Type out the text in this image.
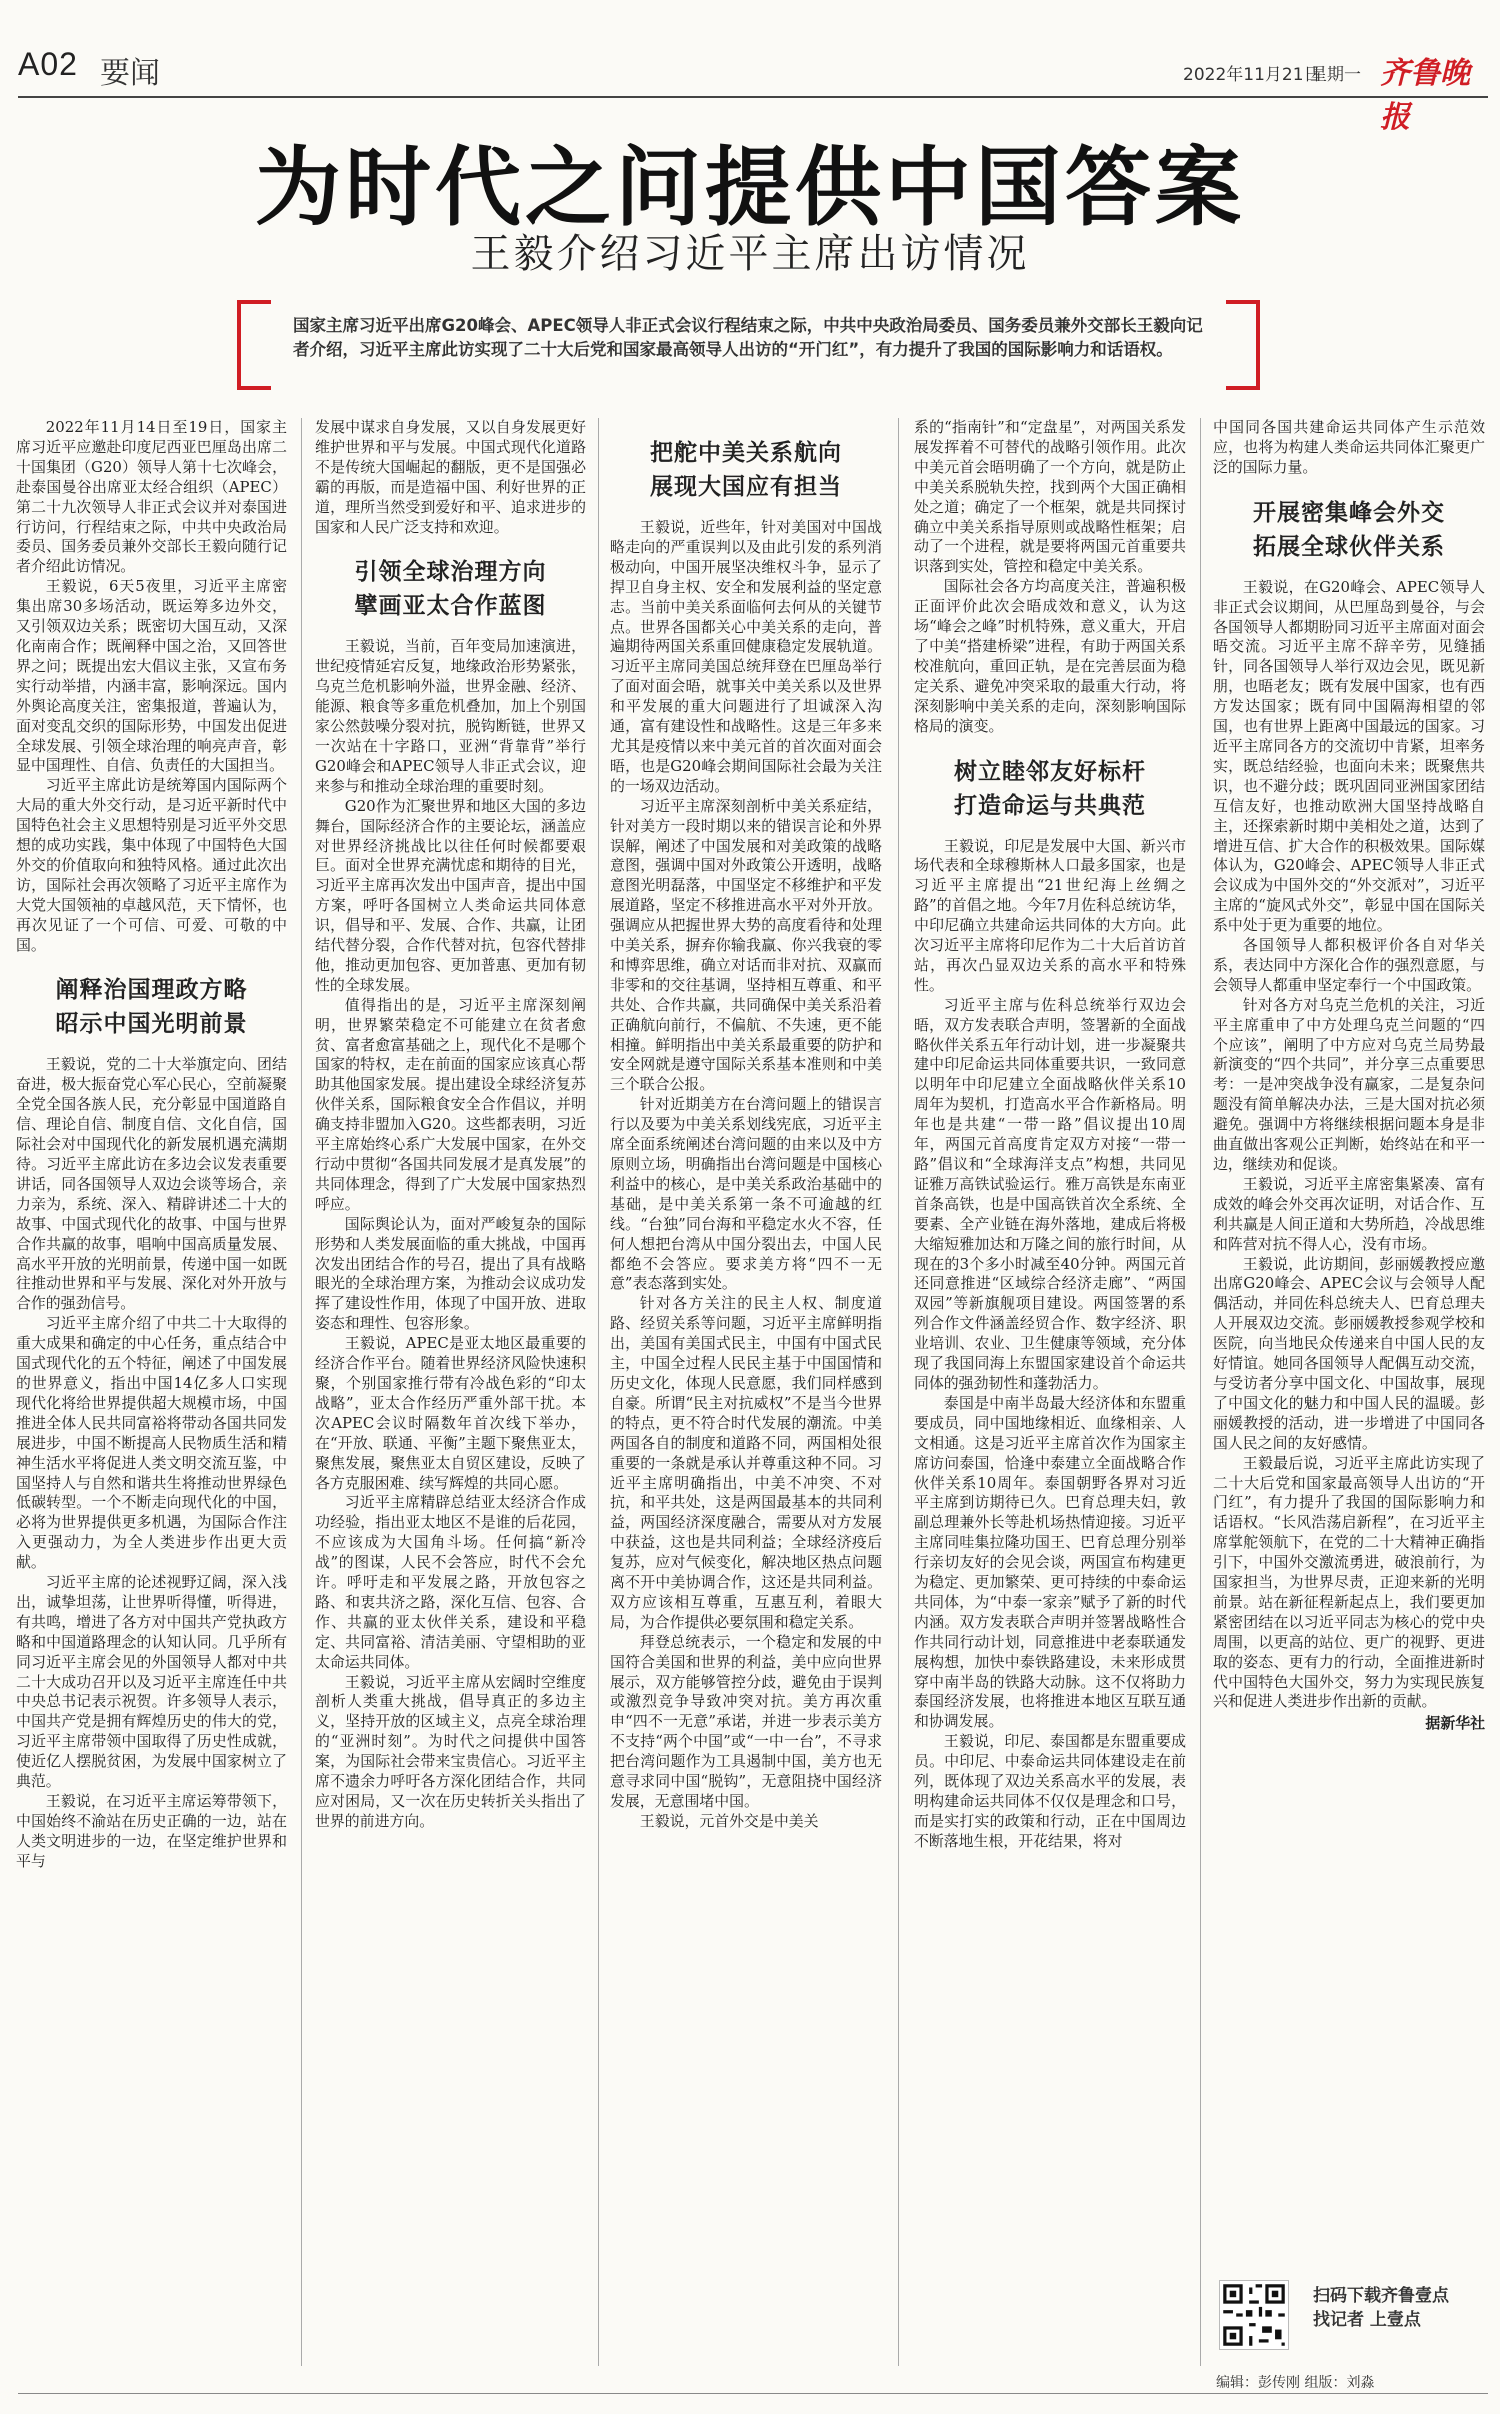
A02 要闻	2022年11月21日
星期一 齐鲁晚报
为时代之问提供中国答案
王毅介绍习近平主席出访情况
国家主席习近平出席G20峰会、APEC领导人非正式会议行程结束之际，中共中央政治局委员、国务委员兼外交部长王毅向记者介绍，习近平主席此访实现了二十大后党和国家最高领导人出访的“开门红”，有力提升了我国的国际影响力和话语权。

2022年11月14日至19日，国家主席习近平应邀赴印度尼西亚巴厘岛出席二十国集团（G20）领导人第十七次峰会，赴泰国曼谷出席亚太经合组织（APEC）第二十九次领导人非正式会议并对泰国进行访问，行程结束之际，中共中央政治局委员、国务委员兼外交部长王毅向随行记者介绍此访情况。

王毅说，6天5夜里，习近平主席密集出席30多场活动，既运筹多边外交，又引领双边关系；既密切大国互动，又深化南南合作；既阐释中国之治，又回答世界之问；既提出宏大倡议主张，又宣布务实行动举措，内涵丰富，影响深远。国内外舆论高度关注，密集报道，普遍认为，面对变乱交织的国际形势，中国发出促进全球发展、引领全球治理的响亮声音，彰显中国理性、自信、负责任的大国担当。

习近平主席此访是统筹国内国际两个大局的重大外交行动，是习近平新时代中国特色社会主义思想特别是习近平外交思想的成功实践，集中体现了中国特色大国外交的价值取向和独特风格。通过此次出访，国际社会再次领略了习近平主席作为大党大国领袖的卓越风范，天下情怀，也再次见证了一个可信、可爱、可敬的中国。

阐释治国理政方略
昭示中国光明前景

王毅说，党的二十大举旗定向、团结奋进，极大振奋党心军心民心，空前凝聚全党全国各族人民，充分彰显中国道路自信、理论自信、制度自信、文化自信，国际社会对中国现代化的新发展机遇充满期待。习近平主席此访在多边会议发表重要讲话，同各国领导人双边会谈等场合，亲力亲为，系统、深入、精辟讲述二十大的故事、中国式现代化的故事、中国与世界合作共赢的故事，唱响中国高质量发展、高水平开放的光明前景，传递中国一如既往推动世界和平与发展、深化对外开放与合作的强劲信号。

习近平主席介绍了中共二十大取得的重大成果和确定的中心任务，重点结合中国式现代化的五个特征，阐述了中国发展的世界意义，指出中国14亿多人口实现现代化将给世界提供超大规模市场，中国推进全体人民共同富裕将带动各国共同发展进步，中国不断提高人民物质生活和精神生活水平将促进人类文明交流互鉴，中国坚持人与自然和谐共生将推动世界绿色低碳转型。一个不断走向现代化的中国，必将为世界提供更多机遇，为国际合作注入更强动力，为全人类进步作出更大贡献。

习近平主席的论述视野辽阔，深入浅出，诚挚坦荡，让世界听得懂，听得进，有共鸣，增进了各方对中国共产党执政方略和中国道路理念的认知认同。几乎所有同习近平主席会见的外国领导人都对中共二十大成功召开以及习近平主席连任中共中央总书记表示祝贺。许多领导人表示，中国共产党是拥有辉煌历史的伟大的党，习近平主席带领中国取得了历史性成就，使近亿人摆脱贫困，为发展中国家树立了典范。

王毅说，在习近平主席运筹带领下，中国始终不渝站在历史正确的一边，站在人类文明进步的一边，在坚定维护世界和平与

发展中谋求自身发展，又以自身发展更好维护世界和平与发展。中国式现代化道路不是传统大国崛起的翻版，更不是国强必霸的再版，而是造福中国、利好世界的正道，理所当然受到爱好和平、追求进步的国家和人民广泛支持和欢迎。

引领全球治理方向
擘画亚太合作蓝图

王毅说，当前，百年变局加速演进，世纪疫情延宕反复，地缘政治形势紧张，乌克兰危机影响外溢，世界金融、经济、能源、粮食等多重危机叠加，加上个别国家公然鼓噪分裂对抗，脱钩断链，世界又一次站在十字路口，亚洲“背靠背”举行G20峰会和APEC领导人非正式会议，迎来参与和推动全球治理的重要时刻。

G20作为汇聚世界和地区大国的多边舞台，国际经济合作的主要论坛，涵盖应对世界经济挑战比以往任何时候都要艰巨。面对全世界充满忧虑和期待的目光，习近平主席再次发出中国声音，提出中国方案，呼吁各国树立人类命运共同体意识，倡导和平、发展、合作、共赢，让团结代替分裂，合作代替对抗，包容代替排他，推动更加包容、更加普惠、更加有韧性的全球发展。

值得指出的是，习近平主席深刻阐明，世界繁荣稳定不可能建立在贫者愈贫、富者愈富基础之上，现代化不是哪个国家的特权，走在前面的国家应该真心帮助其他国家发展。提出建设全球经济复苏伙伴关系，国际粮食安全合作倡议，并明确支持非盟加入G20。这些都表明，习近平主席始终心系广大发展中国家，在外交行动中贯彻“各国共同发展才是真发展”的共同体理念，得到了广大发展中国家热烈呼应。

国际舆论认为，面对严峻复杂的国际形势和人类发展面临的重大挑战，中国再次发出团结合作的号召，提出了具有战略眼光的全球治理方案，为推动会议成功发挥了建设性作用，体现了中国开放、进取姿态和理性、包容形象。

王毅说，APEC是亚太地区最重要的经济合作平台。随着世界经济风险快速积聚，个别国家推行带有冷战色彩的“印太战略”，亚太合作经历严重外部干扰。本次APEC会议时隔数年首次线下举办，在“开放、联通、平衡”主题下聚焦亚太，聚焦发展，聚焦亚太自贸区建设，反映了各方克服困难、续写辉煌的共同心愿。

习近平主席精辟总结亚太经济合作成功经验，指出亚太地区不是谁的后花园，不应该成为大国角斗场。任何搞“新冷战”的图谋，人民不会答应，时代不会允许。呼吁走和平发展之路，开放包容之路、和衷共济之路，深化互信、包容、合作、共赢的亚太伙伴关系，建设和平稳定、共同富裕、清洁美丽、守望相助的亚太命运共同体。

王毅说，习近平主席从宏阔时空维度剖析人类重大挑战，倡导真正的多边主义，坚持开放的区域主义，点亮全球治理的“亚洲时刻”。为时代之问提供中国答案，为国际社会带来宝贵信心。习近平主席不遗余力呼吁各方深化团结合作，共同应对困局，又一次在历史转折关头指出了世界的前进方向。

把舵中美关系航向
展现大国应有担当

王毅说，近些年，针对美国对中国战略走向的严重误判以及由此引发的系列消极动向，中国开展坚决维权斗争，显示了捍卫自身主权、安全和发展利益的坚定意志。当前中美关系面临何去何从的关键节点。世界各国都关心中美关系的走向，普遍期待两国关系重回健康稳定发展轨道。习近平主席同美国总统拜登在巴厘岛举行了面对面会晤，就事关中美关系以及世界和平发展的重大问题进行了坦诚深入沟通，富有建设性和战略性。这是三年多来尤其是疫情以来中美元首的首次面对面会晤，也是G20峰会期间国际社会最为关注的一场双边活动。

习近平主席深刻剖析中美关系症结，针对美方一段时期以来的错误言论和外界误解，阐述了中国发展和对美政策的战略意图，强调中国对外政策公开透明，战略意图光明磊落，中国坚定不移维护和平发展道路，坚定不移推进高水平对外开放。强调应从把握世界大势的高度看待和处理中美关系，摒弃你输我赢、你兴我衰的零和博弈思维，确立对话而非对抗、双赢而非零和的交往基调，坚持相互尊重、和平共处、合作共赢，共同确保中美关系沿着正确航向前行，不偏航、不失速，更不能相撞。鲜明指出中美关系最重要的防护和安全网就是遵守国际关系基本准则和中美三个联合公报。

针对近期美方在台湾问题上的错误言行以及要为中美关系划线宪底，习近平主席全面系统阐述台湾问题的由来以及中方原则立场，明确指出台湾问题是中国核心利益中的核心，是中美关系政治基础中的基础，是中美关系第一条不可逾越的红线。“台独”同台海和平稳定水火不容，任何人想把台湾从中国分裂出去，中国人民都绝不会答应。要求美方将“四不一无意”表态落到实处。

针对各方关注的民主人权、制度道路、经贸关系等问题，习近平主席鲜明指出，美国有美国式民主，中国有中国式民主，中国全过程人民民主基于中国国情和历史文化，体现人民意愿，我们同样感到自豪。所谓“民主对抗威权”不是当今世界的特点，更不符合时代发展的潮流。中美两国各自的制度和道路不同，两国相处很重要的一条就是承认并尊重这种不同。习近平主席明确指出，中美不冲突、不对抗，和平共处，这是两国最基本的共同利益，两国经济深度融合，需要从对方发展中获益，这也是共同利益；全球经济疫后复苏，应对气候变化，解决地区热点问题离不开中美协调合作，这还是共同利益。双方应该相互尊重，互惠互利，着眼大局，为合作提供必要氛围和稳定关系。

拜登总统表示，一个稳定和发展的中国符合美国和世界的利益，美中应向世界展示，双方能够管控分歧，避免由于误判或激烈竞争导致冲突对抗。美方再次重申“四不一无意”承诺，并进一步表示美方不支持“两个中国”或“一中一台”，不寻求把台湾问题作为工具遏制中国，美方也无意寻求同中国“脱钩”，无意阻挠中国经济发展，无意围堵中国。

王毅说，元首外交是中美关

系的“指南针”和“定盘星”，对两国关系发展发挥着不可替代的战略引领作用。此次中美元首会晤明确了一个方向，就是防止中美关系脱轨失控，找到两个大国正确相处之道；确定了一个框架，就是共同探讨确立中美关系指导原则或战略性框架；启动了一个进程，就是要将两国元首重要共识落到实处，管控和稳定中美关系。

国际社会各方均高度关注，普遍积极正面评价此次会晤成效和意义，认为这场“峰会之峰”时机特殊，意义重大，开启了中美“搭建桥梁”进程，有助于两国关系校准航向，重回正轨，是在完善层面为稳定关系、避免冲突采取的最重大行动，将深刻影响中美关系的走向，深刻影响国际格局的演变。

树立睦邻友好标杆
打造命运与共典范

王毅说，印尼是发展中大国、新兴市场代表和全球穆斯林人口最多国家，也是习近平主席提出“21世纪海上丝绸之路”的首倡之地。今年7月佐科总统访华，中印尼确立共建命运共同体的大方向。此次习近平主席将印尼作为二十大后首访首站，再次凸显双边关系的高水平和特殊性。

习近平主席与佐科总统举行双边会晤，双方发表联合声明，签署新的全面战略伙伴关系五年行动计划，进一步凝聚共建中印尼命运共同体重要共识，一致同意以明年中印尼建立全面战略伙伴关系10周年为契机，打造高水平合作新格局。明年也是共建“一带一路”倡议提出10周年，两国元首高度肯定双方对接“一带一路”倡议和“全球海洋支点”构想，共同见证雅万高铁试验运行。雅万高铁是东南亚首条高铁，也是中国高铁首次全系统、全要素、全产业链在海外落地，建成后将极大缩短雅加达和万隆之间的旅行时间，从现在的3个多小时减至40分钟。两国元首还同意推进“区域综合经济走廊”、“两国双园”等新旗舰项目建设。两国签署的系列合作文件涵盖经贸合作、数字经济、职业培训、农业、卫生健康等领域，充分体现了我国同海上东盟国家建设首个命运共同体的强劲韧性和蓬勃活力。

泰国是中南半岛最大经济体和东盟重要成员，同中国地缘相近、血缘相亲、人文相通。这是习近平主席首次作为国家主席访问泰国，恰逢中泰建立全面战略合作伙伴关系10周年。泰国朝野各界对习近平主席到访期待已久。巴育总理夫妇，敦副总理兼外长等赴机场热情迎接。习近平主席同哇集拉隆功国王、巴育总理分别举行亲切友好的会见会谈，两国宣布构建更为稳定、更加繁荣、更可持续的中泰命运共同体，为“中泰一家亲”赋予了新的时代内涵。双方发表联合声明并签署战略性合作共同行动计划，同意推进中老泰联通发展构想，加快中泰铁路建设，未来形成贯穿中南半岛的铁路大动脉。这不仅将助力泰国经济发展，也将推进本地区互联互通和协调发展。

王毅说，印尼、泰国都是东盟重要成员。中印尼、中泰命运共同体建设走在前列，既体现了双边关系高水平的发展，表明构建命运共同体不仅仅是理念和口号，而是实打实的政策和行动，正在中国周边不断落地生根，开花结果，将对

中国同各国共建命运共同体产生示范效应，也将为构建人类命运共同体汇聚更广泛的国际力量。

开展密集峰会外交
拓展全球伙伴关系

王毅说，在G20峰会、APEC领导人非正式会议期间，从巴厘岛到曼谷，与会各国领导人都期盼同习近平主席面对面会晤交流。习近平主席不辞辛劳，见缝插针，同各国领导人举行双边会见，既见新朋，也晤老友；既有发展中国家，也有西方发达国家；既有同中国隔海相望的邻国，也有世界上距离中国最远的国家。习近平主席同各方的交流切中肯紧，坦率务实，既总结经验，也面向未来；既聚焦共识，也不避分歧；既巩固同亚洲国家团结互信友好，也推动欧洲大国坚持战略自主，还探索新时期中美相处之道，达到了增进互信、扩大合作的积极效果。国际媒体认为，G20峰会、APEC领导人非正式会议成为中国外交的“外交派对”，习近平主席的“旋风式外交”，彰显中国在国际关系中处于更为重要的地位。

各国领导人都积极评价各自对华关系，表达同中方深化合作的强烈意愿，与会领导人都重申坚定奉行一个中国政策。

针对各方对乌克兰危机的关注，习近平主席重申了中方处理乌克兰问题的“四个应该”，阐明了中方应对乌克兰局势最新演变的“四个共同”，并分享三点重要思考：一是冲突战争没有赢家，二是复杂问题没有简单解决办法，三是大国对抗必须避免。强调中方将继续根据问题本身是非曲直做出客观公正判断，始终站在和平一边，继续劝和促谈。

王毅说，习近平主席密集紧凑、富有成效的峰会外交再次证明，对话合作、互利共赢是人间正道和大势所趋，冷战思维和阵营对抗不得人心，没有市场。

王毅说，此访期间，彭丽媛教授应邀出席G20峰会、APEC会议与会领导人配偶活动，并同佐科总统夫人、巴育总理夫人开展双边交流。彭丽媛教授参观学校和医院，向当地民众传递来自中国人民的友好情谊。她同各国领导人配偶互动交流，与受访者分享中国文化、中国故事，展现了中国文化的魅力和中国人民的温暖。彭丽媛教授的活动，进一步增进了中国同各国人民之间的友好感情。

王毅最后说，习近平主席此访实现了二十大后党和国家最高领导人出访的“开门红”，有力提升了我国的国际影响力和话语权。“长风浩荡启新程”，在习近平主席掌舵领航下，在党的二十大精神正确指引下，中国外交激流勇进，破浪前行，为国家担当，为世界尽责，正迎来新的光明前景。站在新征程新起点上，我们要更加紧密团结在以习近平同志为核心的党中央周围，以更高的站位、更广的视野、更进取的姿态、更有力的行动，全面推进新时代中国特色大国外交，努力为实现民族复兴和促进人类进步作出新的贡献。

据新华社

扫码下载齐鲁壹点
找记者 上壹点
编辑：彭传刚 组版：刘淼
